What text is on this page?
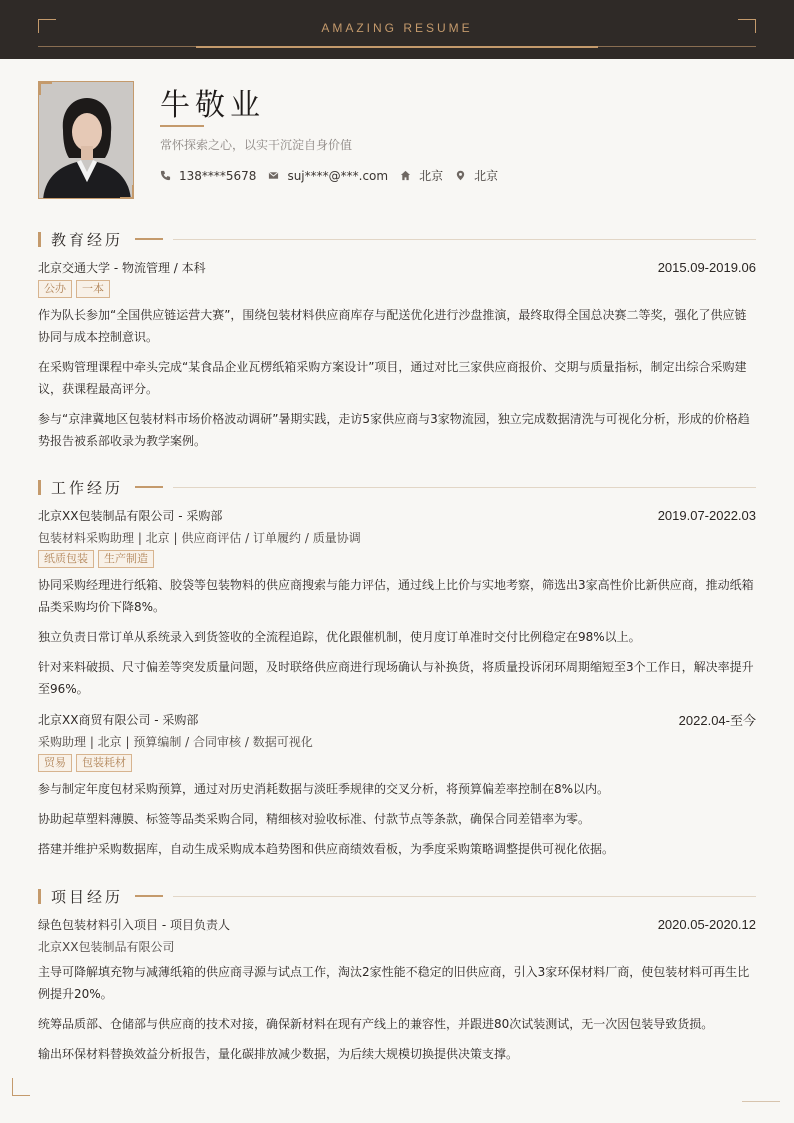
AMAZING RESUME
牛敬业
常怀探索之心，以实干沉淀自身价值
138****5678	suj****@***.com	北京	北京
教育经历
北京交通大学 - 物流管理 / 本科	2015.09-2019.06
公办	一本

作为队长参加“全国供应链运营大赛”，围绕包装材料供应商库存与配送优化进行沙盘推演，最终取得全国总决赛二等奖，强化了供应链协同与成本控制意识。

在采购管理课程中牵头完成“某食品企业瓦楞纸箱采购方案设计”项目，通过对比三家供应商报价、交期与质量指标，制定出综合采购建议，获课程最高评分。

参与“京津冀地区包装材料市场价格波动调研”暑期实践，走访5家供应商与3家物流园，独立完成数据清洗与可视化分析，形成的价格趋势报告被系部收录为教学案例。

工作经历
北京XX包装制品有限公司 - 采购部	2019.07-2022.03
包装材料采购助理 | 北京 | 供应商评估 / 订单履约 / 质量协调
纸质包装	生产制造

协同采购经理进行纸箱、胶袋等包装物料的供应商搜索与能力评估，通过线上比价与实地考察，筛选出3家高性价比新供应商，推动纸箱品类采购均价下降8%。

独立负责日常订单从系统录入到货签收的全流程追踪，优化跟催机制，使月度订单准时交付比例稳定在98%以上。

针对来料破损、尺寸偏差等突发质量问题，及时联络供应商进行现场确认与补换货，将质量投诉闭环周期缩短至3个工作日，解决率提升至96%。

北京XX商贸有限公司 - 采购部	2022.04-至今
采购助理 | 北京 | 预算编制 / 合同审核 / 数据可视化
贸易	包装耗材

参与制定年度包材采购预算，通过对历史消耗数据与淡旺季规律的交叉分析，将预算偏差率控制在8%以内。

协助起草塑料薄膜、标签等品类采购合同，精细核对验收标准、付款节点等条款，确保合同差错率为零。

搭建并维护采购数据库，自动生成采购成本趋势图和供应商绩效看板，为季度采购策略调整提供可视化依据。

项目经历
绿色包装材料引入项目 - 项目负责人	2020.05-2020.12
北京XX包装制品有限公司

主导可降解填充物与减薄纸箱的供应商寻源与试点工作，淘汰2家性能不稳定的旧供应商，引入3家环保材料厂商，使包装材料可再生比例提升20%。

统筹品质部、仓储部与供应商的技术对接，确保新材料在现有产线上的兼容性，并跟进80次试装测试，无一次因包装导致货损。

输出环保材料替换效益分析报告，量化碳排放减少数据，为后续大规模切换提供决策支撑。
